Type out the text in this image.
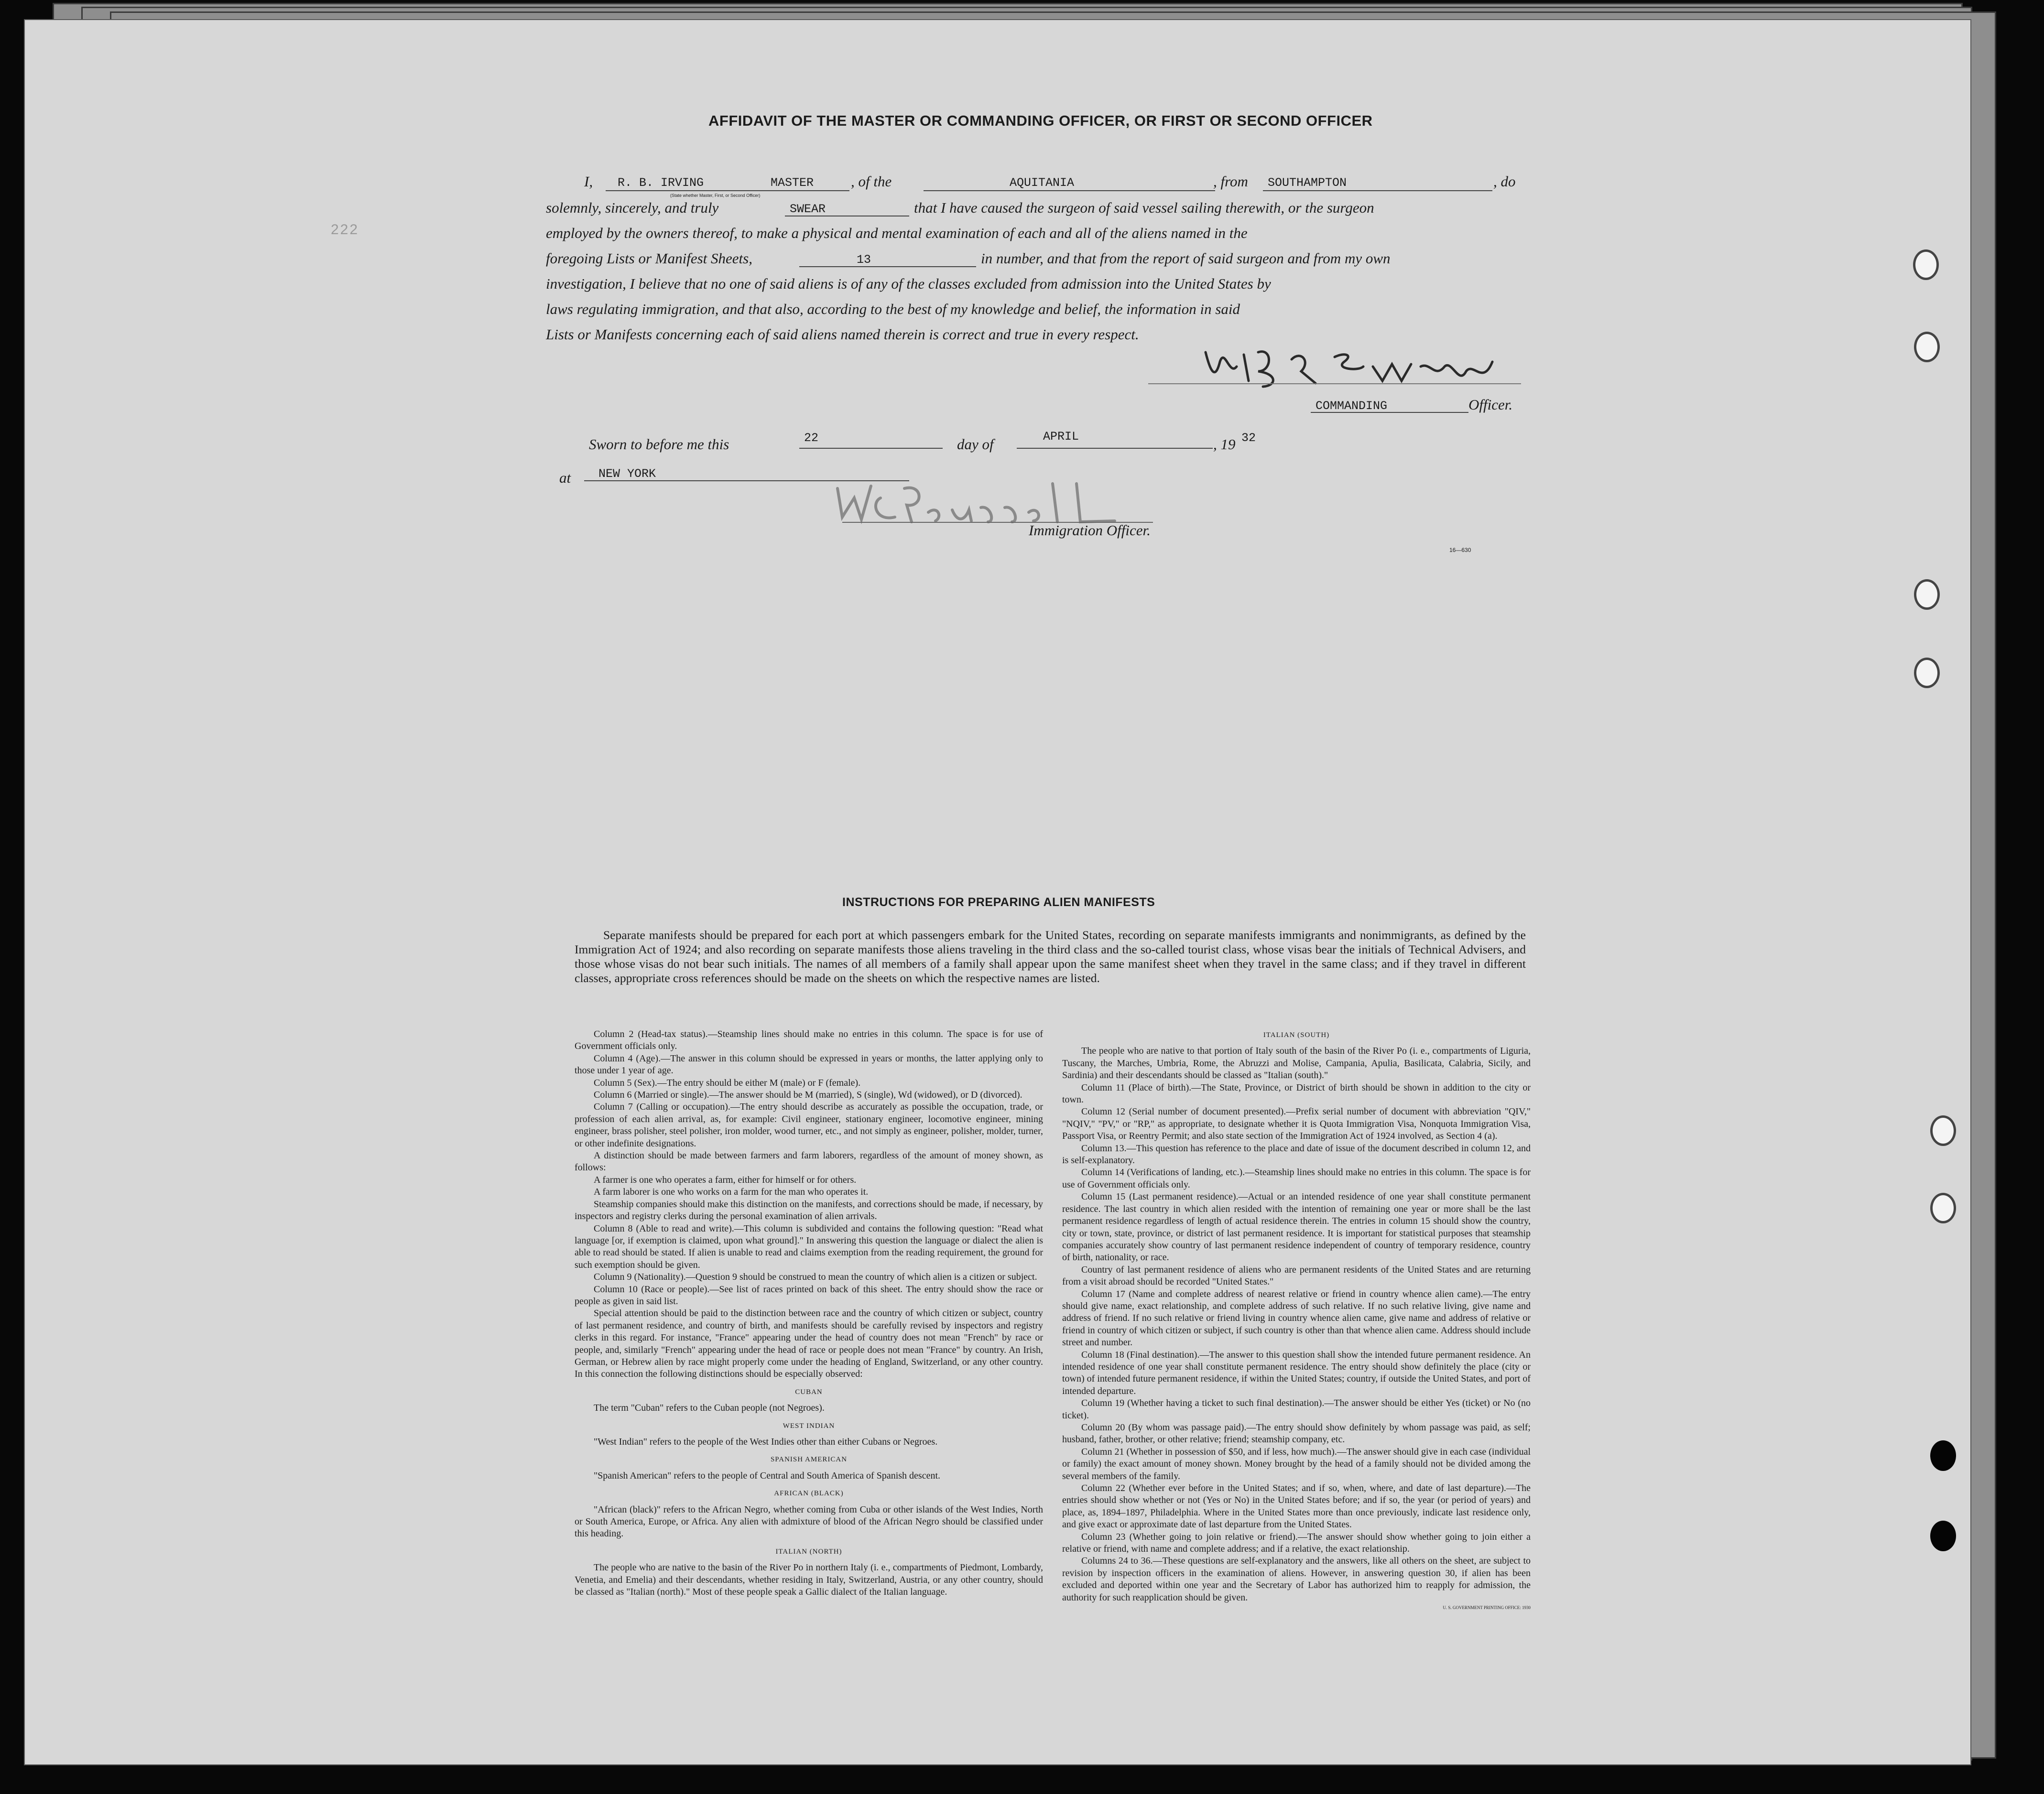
222
AFFIDAVIT OF THE MASTER OR COMMANDING OFFICER, OR FIRST OR SECOND OFFICER
I, R. B. IRVING	MASTER
(State whether Master, First, or Second Officer)
, of the	AQUITANIA	, from SOUTHAMPTON	, do
solemnly, sincerely, and truly	SWEAR	that I have caused the surgeon of said vessel sailing therewith, or the surgeon
employed by the owners thereof, to make a physical and mental examination of each and all of the aliens named in the
foregoing Lists or Manifest Sheets,	13	in number, and that from the report of said surgeon and from my own
investigation, I believe that no one of said aliens is of any of the classes excluded from admission into the United States by
laws regulating immigration, and that also, according to the best of my knowledge and belief, the information in said
Lists or Manifests concerning each of said aliens named therein is correct and true in every respect.
COMMANDING	Officer.
Sworn to before me this	22	day of	APRIL	, 19 32
at NEW YORK
Immigration Officer.
16—630
INSTRUCTIONS FOR PREPARING ALIEN MANIFESTS
Separate manifests should be prepared for each port at which passengers embark for the United States, recording on separate manifests immigrants and nonimmigrants, as defined by the Immigration Act of 1924; and also recording on separate manifests those aliens traveling in the third class and the so-called tourist class, whose visas bear the initials of Technical Advisers, and those whose visas do not bear such initials. The names of all members of a family shall appear upon the same manifest sheet when they travel in the same class; and if they travel in different classes, appropriate cross references should be made on the sheets on which the respective names are listed.

Column 2 (Head-tax status).—Steamship lines should make no entries in this column. The space is for use of Government officials only.

Column 4 (Age).—The answer in this column should be expressed in years or months, the latter applying only to those under 1 year of age.

Column 5 (Sex).—The entry should be either M (male) or F (female).

Column 6 (Married or single).—The answer should be M (married), S (single), Wd (widowed), or D (divorced).

Column 7 (Calling or occupation).—The entry should describe as accurately as possible the occupation, trade, or profession of each alien arrival, as, for example: Civil engineer, stationary engineer, locomotive engineer, mining engineer, brass polisher, steel polisher, iron molder, wood turner, etc., and not simply as engineer, polisher, molder, turner, or other indefinite designations.

A distinction should be made between farmers and farm laborers, regardless of the amount of money shown, as follows:

A farmer is one who operates a farm, either for himself or for others.

A farm laborer is one who works on a farm for the man who operates it.

Steamship companies should make this distinction on the manifests, and corrections should be made, if necessary, by inspectors and registry clerks during the personal examination of alien arrivals.

Column 8 (Able to read and write).—This column is subdivided and contains the following question: "Read what language [or, if exemption is claimed, upon what ground]." In answering this question the language or dialect the alien is able to read should be stated. If alien is unable to read and claims exemption from the reading requirement, the ground for such exemption should be given.

Column 9 (Nationality).—Question 9 should be construed to mean the country of which alien is a citizen or subject.

Column 10 (Race or people).—See list of races printed on back of this sheet. The entry should show the race or people as given in said list.

Special attention should be paid to the distinction between race and the country of which citizen or subject, country of last permanent residence, and country of birth, and manifests should be carefully revised by inspectors and registry clerks in this regard. For instance, "France" appearing under the head of country does not mean "French" by race or people, and, similarly "French" appearing under the head of race or people does not mean "France" by country. An Irish, German, or Hebrew alien by race might properly come under the heading of England, Switzerland, or any other country. In this connection the following distinctions should be especially observed:

CUBAN

The term "Cuban" refers to the Cuban people (not Negroes).

WEST INDIAN

"West Indian" refers to the people of the West Indies other than either Cubans or Negroes.

SPANISH AMERICAN

"Spanish American" refers to the people of Central and South America of Spanish descent.

AFRICAN (BLACK)

"African (black)" refers to the African Negro, whether coming from Cuba or other islands of the West Indies, North or South America, Europe, or Africa. Any alien with admixture of blood of the African Negro should be classified under this heading.

ITALIAN (NORTH)

The people who are native to the basin of the River Po in northern Italy (i. e., compartments of Piedmont, Lombardy, Venetia, and Emelia) and their descendants, whether residing in Italy, Switzerland, Austria, or any other country, should be classed as "Italian (north)." Most of these people speak a Gallic dialect of the Italian language.

ITALIAN (SOUTH)

The people who are native to that portion of Italy south of the basin of the River Po (i. e., compartments of Liguria, Tuscany, the Marches, Umbria, Rome, the Abruzzi and Molise, Campania, Apulia, Basilicata, Calabria, Sicily, and Sardinia) and their descendants should be classed as "Italian (south)."

Column 11 (Place of birth).—The State, Province, or District of birth should be shown in addition to the city or town.

Column 12 (Serial number of document presented).—Prefix serial number of document with abbreviation "QIV," "NQIV," "PV," or "RP," as appropriate, to designate whether it is Quota Immigration Visa, Nonquota Immigration Visa, Passport Visa, or Reentry Permit; and also state section of the Immigration Act of 1924 involved, as Section 4 (a).

Column 13.—This question has reference to the place and date of issue of the document described in column 12, and is self-explanatory.

Column 14 (Verifications of landing, etc.).—Steamship lines should make no entries in this column. The space is for use of Government officials only.

Column 15 (Last permanent residence).—Actual or an intended residence of one year shall constitute permanent residence. The last country in which alien resided with the intention of remaining one year or more shall be the last permanent residence regardless of length of actual residence therein. The entries in column 15 should show the country, city or town, state, province, or district of last permanent residence. It is important for statistical purposes that steamship companies accurately show country of last permanent residence independent of country of temporary residence, country of birth, nationality, or race.

Country of last permanent residence of aliens who are permanent residents of the United States and are returning from a visit abroad should be recorded "United States."

Column 17 (Name and complete address of nearest relative or friend in country whence alien came).—The entry should give name, exact relationship, and complete address of such relative. If no such relative living, give name and address of friend. If no such relative or friend living in country whence alien came, give name and address of relative or friend in country of which citizen or subject, if such country is other than that whence alien came. Address should include street and number.

Column 18 (Final destination).—The answer to this question shall show the intended future permanent residence. An intended residence of one year shall constitute permanent residence. The entry should show definitely the place (city or town) of intended future permanent residence, if within the United States; country, if outside the United States, and port of intended departure.

Column 19 (Whether having a ticket to such final destination).—The answer should be either Yes (ticket) or No (no ticket).

Column 20 (By whom was passage paid).—The entry should show definitely by whom passage was paid, as self; husband, father, brother, or other relative; friend; steamship company, etc.

Column 21 (Whether in possession of $50, and if less, how much).—The answer should give in each case (individual or family) the exact amount of money shown. Money brought by the head of a family should not be divided among the several members of the family.

Column 22 (Whether ever before in the United States; and if so, when, where, and date of last departure).—The entries should show whether or not (Yes or No) in the United States before; and if so, the year (or period of years) and place, as, 1894–1897, Philadelphia. Where in the United States more than once previously, indicate last residence only, and give exact or approximate date of last departure from the United States.

Column 23 (Whether going to join relative or friend).—The answer should show whether going to join either a relative or friend, with name and complete address; and if a relative, the exact relationship.

Columns 24 to 36.—These questions are self-explanatory and the answers, like all others on the sheet, are subject to revision by inspection officers in the examination of aliens. However, in answering question 30, if alien has been excluded and deported within one year and the Secretary of Labor has authorized him to reapply for admission, the authority for such reapplication should be given.

U. S. GOVERNMENT PRINTING OFFICE: 1930
